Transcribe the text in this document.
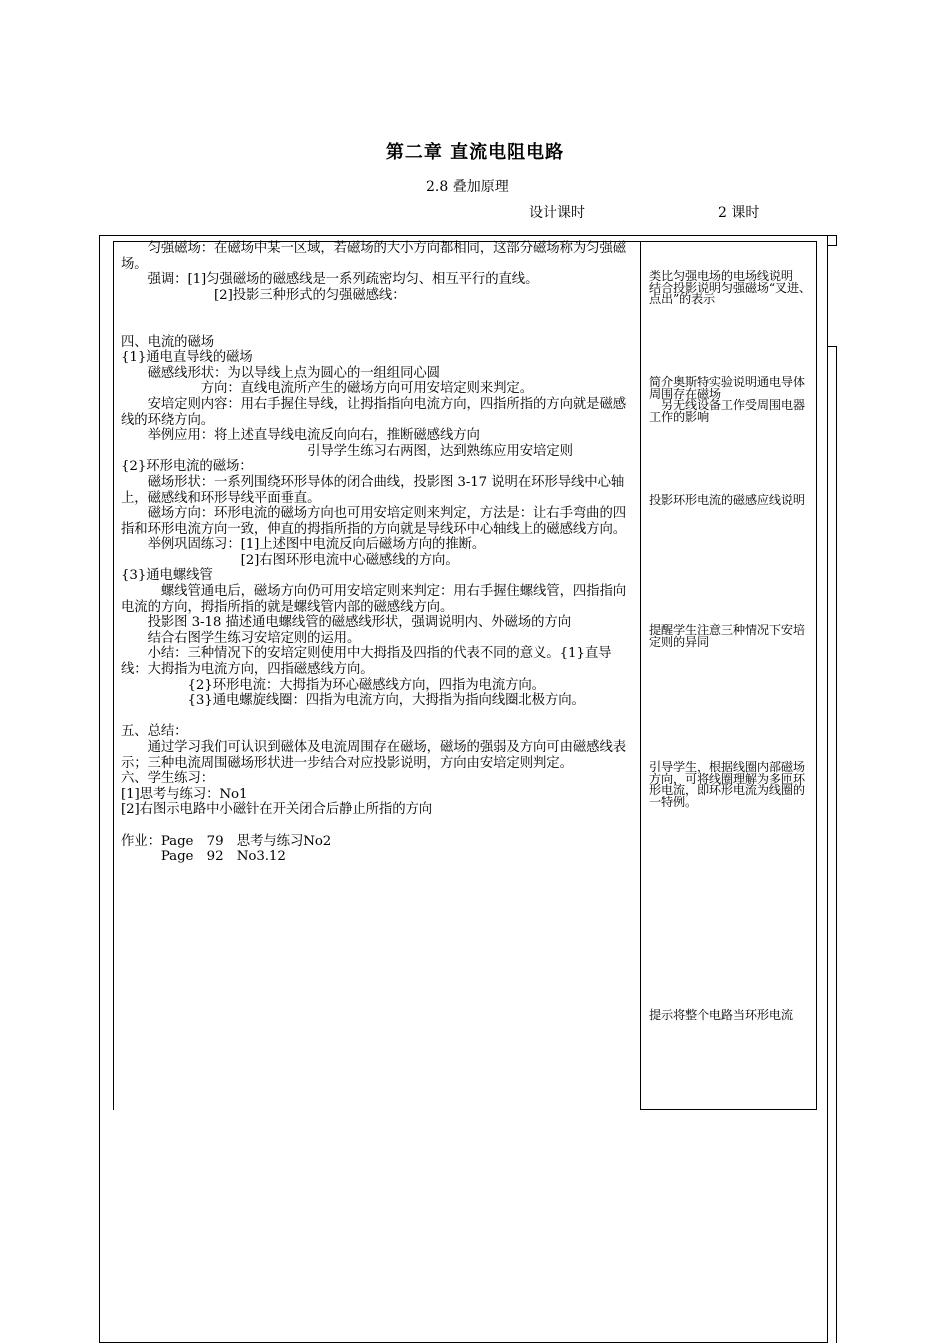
第二章 直流电阻电路
2.8 叠加原理
设计课时	2 课时

　　匀强磁场：在磁场中某一区域，若磁场的大小方向都相同，这部分磁场称为匀强磁场。

　　强调：[1]匀强磁场的磁感线是一系列疏密均匀、相互平行的直线。

　　　　　　　[2]投影三种形式的匀强磁感线：

四、电流的磁场

{1}通电直导线的磁场

　　磁感线形状：为以导线上点为圆心的一组组同心圆

　　　　　　方向：直线电流所产生的磁场方向可用安培定则来判定。

　　安培定则内容：用右手握住导线，让拇指指向电流方向，四指所指的方向就是磁感线的环绕方向。

　　举例应用：将上述直导线电流反向向右，推断磁感线方向

　　　　　　　　　　　　　　引导学生练习右两图，达到熟练应用安培定则

{2}环形电流的磁场：

　　磁场形状：一系列围绕环形导体的闭合曲线，投影图 3-17 说明在环形导线中心轴上，磁感线和环形导线平面垂直。

　　磁场方向：环形电流的磁场方向也可用安培定则来判定，方法是：让右手弯曲的四指和环形电流方向一致，伸直的拇指所指的方向就是导线环中心轴线上的磁感线方向。

　　举例巩固练习：[1]上述图中电流反向后磁场方向的推断。

　　　　　　　　　[2]右图环形电流中心磁感线的方向。

{3}通电螺线管

　　　螺线管通电后，磁场方向仍可用安培定则来判定：用右手握住螺线管，四指指向电流的方向，拇指所指的就是螺线管内部的磁感线方向。

　　投影图 3-18 描述通电螺线管的磁感线形状，强调说明内、外磁场的方向

　　结合右图学生练习安培定则的运用。

　　小结：三种情况下的安培定则使用中大拇指及四指的代表不同的意义。{1}直导线：大拇指为电流方向，四指磁感线方向。

　　　　　{2}环形电流：大拇指为环心磁感线方向，四指为电流方向。

　　　　　{3}通电螺旋线圈：四指为电流方向，大拇指为指向线圈北极方向。

五、总结：

　　通过学习我们可认识到磁体及电流周围存在磁场，磁场的强弱及方向可由磁感线表示；三种电流周围磁场形状进一步结合对应投影说明，方向由安培定则判定。

六、学生练习：

[1]思考与练习：No1

[2]右图示电路中小磁针在开关闭合后静止所指的方向

作业：Page　79　思考与练习No2

　　　Page　92　No3.12

类比匀强电场的电场线说明

结合投影说明匀强磁场“叉进、点出”的表示

简介奥斯特实验说明通电导体周围存在磁场

　另无线设备工作受周围电器工作的影响

投影环形电流的磁感应线说明

提醒学生注意三种情况下安培定则的异同

引导学生，根据线圈内部磁场方向，可将线圈理解为多匝环形电流，即环形电流为线圈的一特例。

提示将整个电路当环形电流
